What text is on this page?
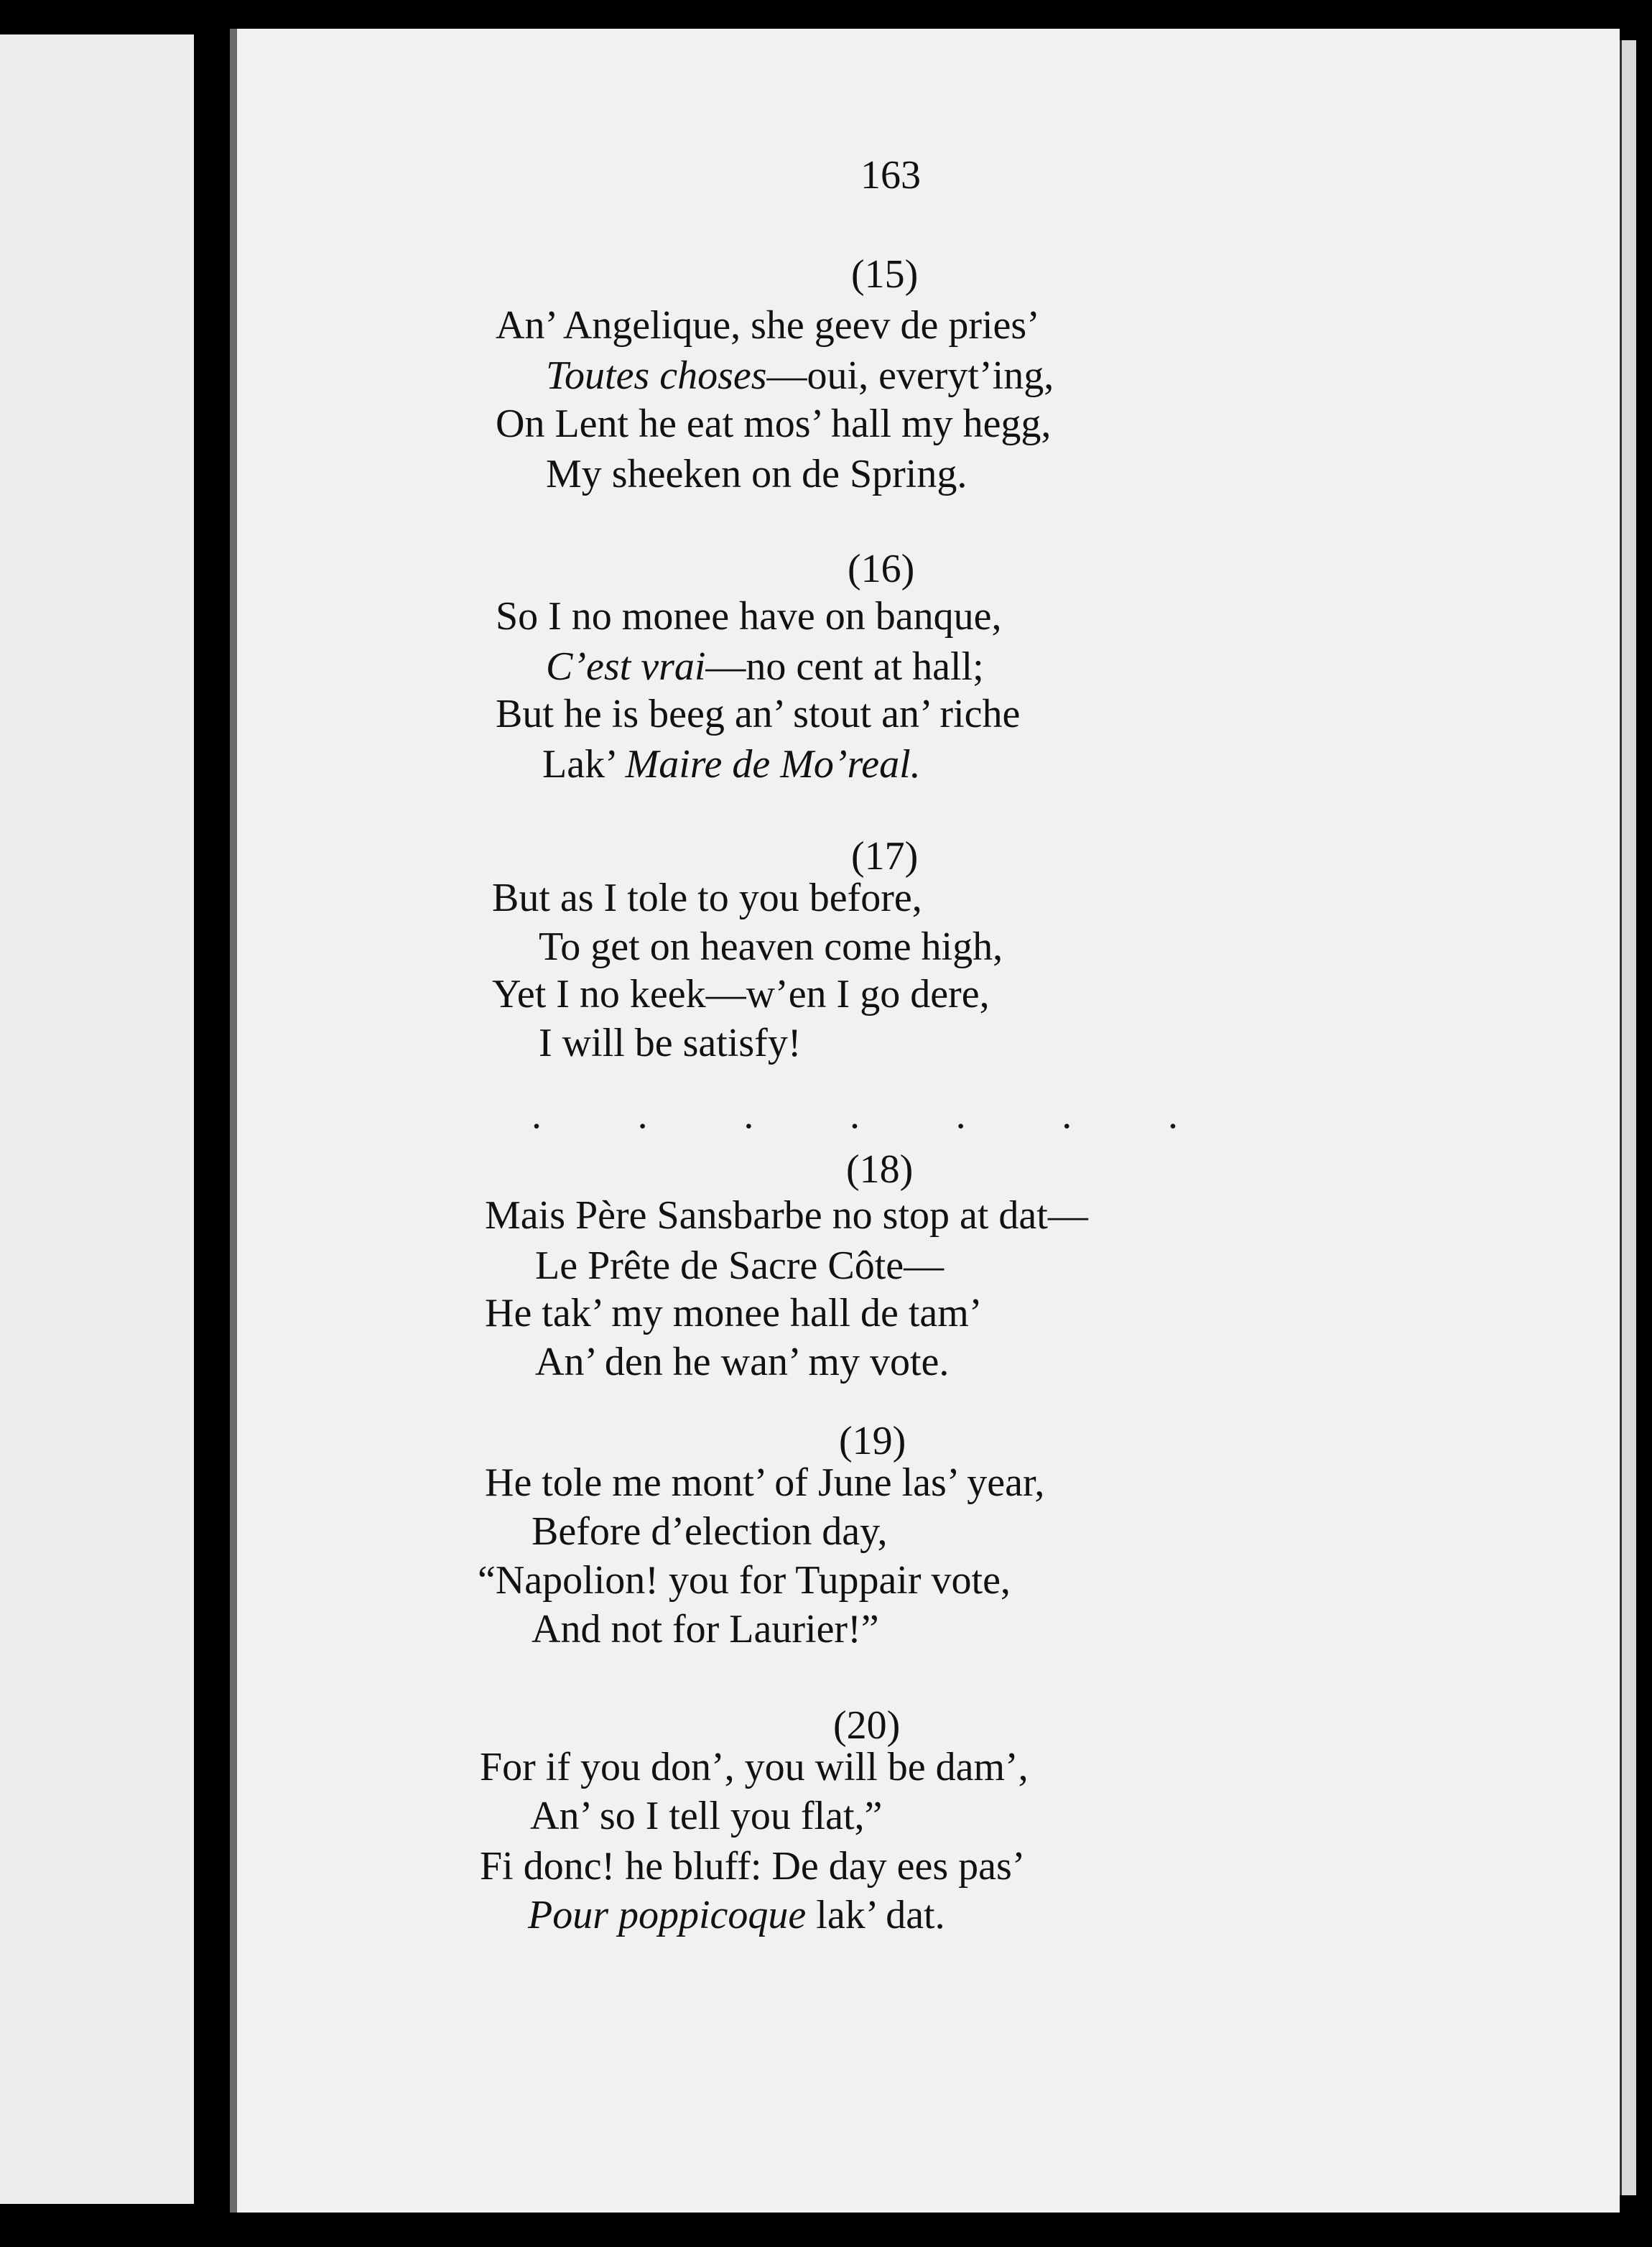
163
(15)
An’ Angelique, she geev de pries’
Toutes choses—oui, everyt’ing,
On Lent he eat mos’ hall my hegg,
My sheeken on de Spring.
(16)
So I no monee have on banque,
C’est vrai—no cent at hall;
But he is beeg an’ stout an’ riche
Lak’ Maire de Mo’real.
(17)
But as I tole to you before,
To get on heaven come high,
Yet I no keek—w’en I go dere,
I will be satisfy!
(18)
Mais Père Sansbarbe no stop at dat—
Le Prête de Sacre Côte—
He tak’ my monee hall de tam’
An’ den he wan’ my vote.
(19)
He tole me mont’ of June las’ year,
Before d’election day,
“Napolion! you for Tuppair vote,
And not for Laurier!”
(20)
For if you don’, you will be dam’,
An’ so I tell you flat,”
Fi donc! he bluff: De day ees pas’
Pour poppicoque lak’ dat.
. . . . . . .
